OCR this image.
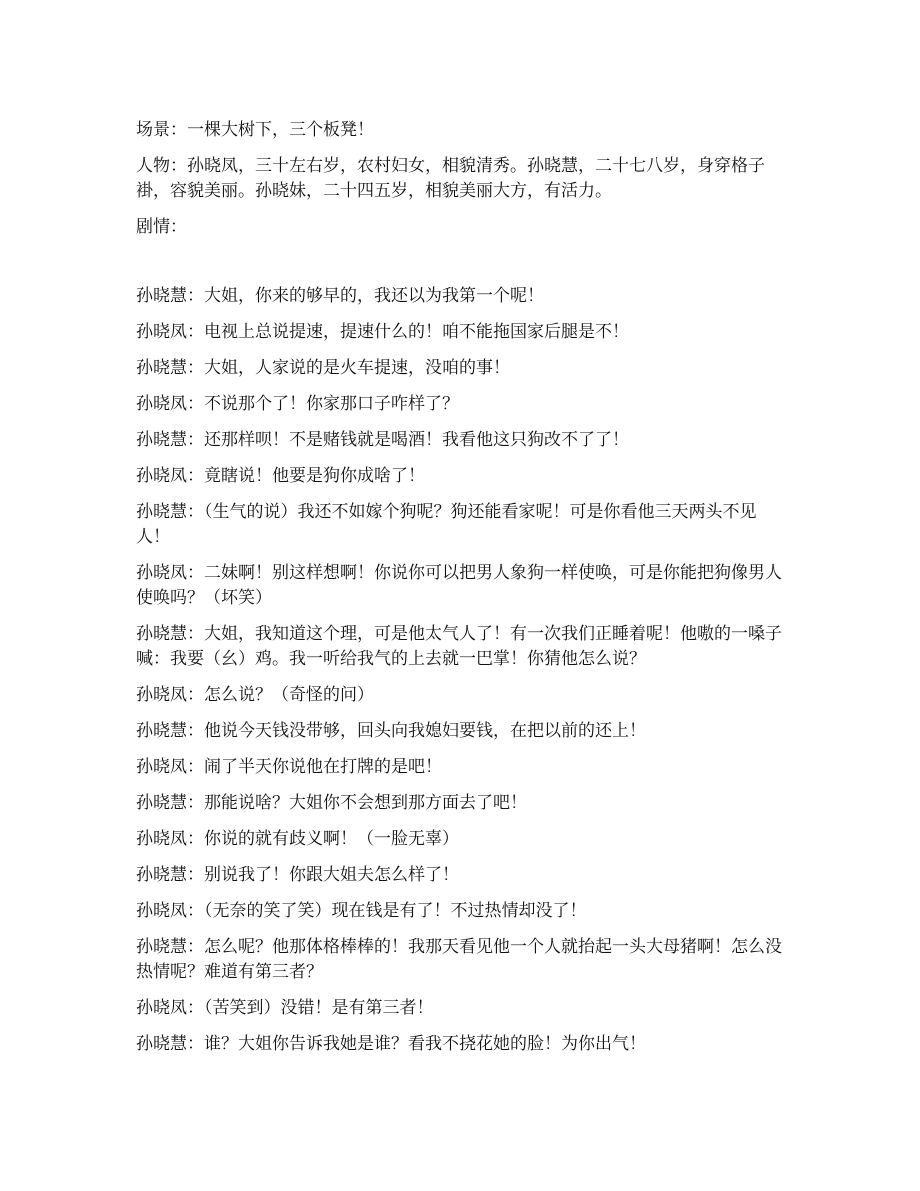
场景：一棵大树下，三个板凳！

人物：孙晓凤，三十左右岁，农村妇女，相貌清秀。孙晓慧，二十七八岁，身穿格子褂，容貌美丽。孙晓妹，二十四五岁，相貌美丽大方，有活力。

剧情：

孙晓慧：大姐，你来的够早的，我还以为我第一个呢！

孙晓凤：电视上总说提速，提速什么的！咱不能拖国家后腿是不！

孙晓慧：大姐，人家说的是火车提速，没咱的事！

孙晓凤：不说那个了！你家那口子咋样了？

孙晓慧：还那样呗！不是赌钱就是喝酒！我看他这只狗改不了了！

孙晓凤：竟瞎说！他要是狗你成啥了！

孙晓慧：（生气的说）我还不如嫁个狗呢？狗还能看家呢！可是你看他三天两头不见人！

孙晓凤：二妹啊！别这样想啊！你说你可以把男人象狗一样使唤，可是你能把狗像男人使唤吗？（坏笑）

孙晓慧：大姐，我知道这个理，可是他太气人了！有一次我们正睡着呢！他嗷的一嗓子喊：我要（幺）鸡。我一听给我气的上去就一巴掌！你猜他怎么说？

孙晓凤：怎么说？（奇怪的问）

孙晓慧：他说今天钱没带够，回头向我媳妇要钱，在把以前的还上！

孙晓凤：闹了半天你说他在打牌的是吧！

孙晓慧：那能说啥？大姐你不会想到那方面去了吧！

孙晓凤：你说的就有歧义啊！（一脸无辜）

孙晓慧：别说我了！你跟大姐夫怎么样了！

孙晓凤：（无奈的笑了笑）现在钱是有了！不过热情却没了！

孙晓慧：怎么呢？他那体格棒棒的！我那天看见他一个人就抬起一头大母猪啊！怎么没热情呢？难道有第三者？

孙晓凤：（苦笑到）没错！是有第三者！

孙晓慧：谁？大姐你告诉我她是谁？看我不挠花她的脸！为你出气！
